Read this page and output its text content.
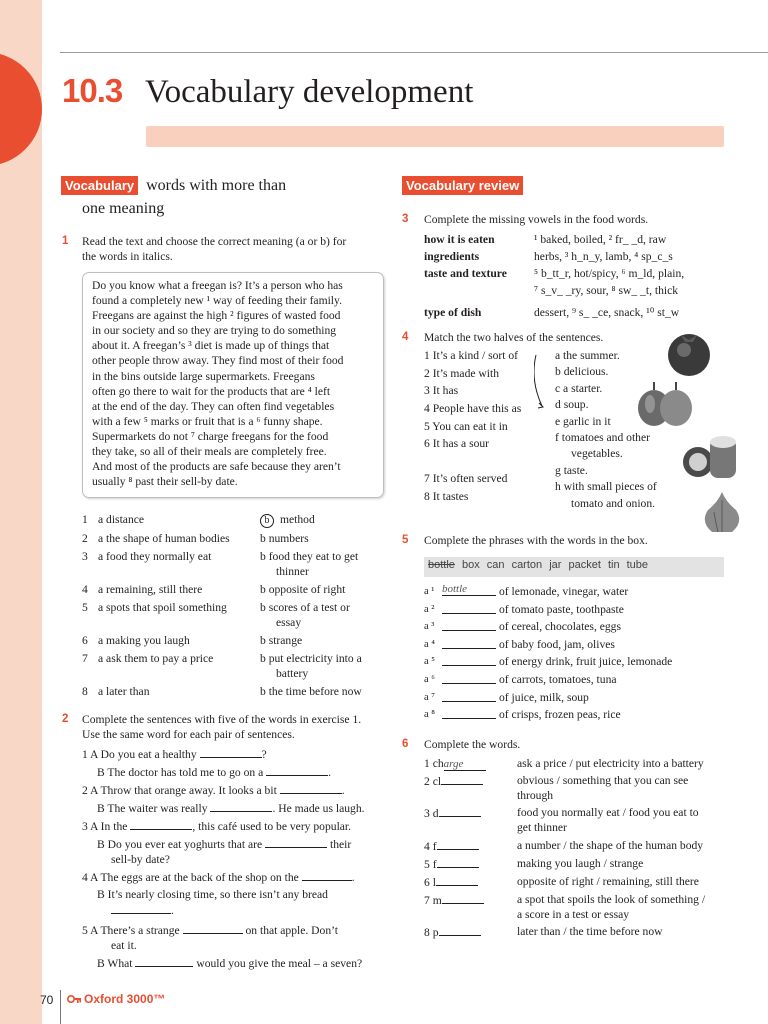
10.3 Vocabulary development
Vocabulary words with more than
one meaning
1 Read the text and choose the correct meaning (a or b) for
the words in italics.
Do you know what a freegan is? It’s a person who has
found a completely new ¹ way of feeding their family.
Freegans are against the high ² figures of wasted food
in our society and so they are trying to do something
about it. A freegan’s ³ diet is made up of things that
other people throw away. They find most of their food
in the bins outside large supermarkets. Freegans
often go there to wait for the products that are ⁴ left
at the end of the day. They can often find vegetables
with a few ⁵ marks or fruit that is a ⁶ funny shape.
Supermarkets do not ⁷ charge freegans for the food
they take, so all of their meals are completely free.
And most of the products are safe because they aren’t
usually ⁸ past their sell-by date.
1 a distance	b method
2 a the shape of human bodies	b numbers
3 a food they normally eat	b food they eat to get
thinner
4 a remaining, still there	b opposite of right
5 a spots that spoil something	b scores of a test or
essay
6 a making you laugh	b strange
7 a ask them to pay a price	b put electricity into a
battery
8 a later than	b the time before now
2 Complete the sentences with five of the words in exercise 1.
Use the same word for each pair of sentences.
1 A Do you eat a healthy	?
B The doctor has told me to go on a	.
2 A Throw that orange away. It looks a bit	.
B The waiter was really	. He made us laugh.
3 A In the	, this café used to be very popular.
B Do you ever eat yoghurts that are	their
sell-by date?
4 A The eggs are at the back of the shop on the	.
B It’s nearly closing time, so there isn’t any bread
.
5 A There’s a strange	on that apple. Don’t
eat it.
B What	would you give the meal – a seven?
Vocabulary review
3 Complete the missing vowels in the food words.
how it is eaten	¹ baked, boiled, ² fr_ _d, raw
ingredients	herbs, ³ h_n_y, lamb, ⁴ sp_c_s
taste and texture	⁵ b_tt_r, hot/spicy, ⁶ m_ld, plain,
⁷ s_v_ _ry, sour, ⁸ sw_ _t, thick
type of dish	dessert, ⁹ s_ _ce, snack, ¹⁰ st_w
4 Match the two halves of the sentences.
1 It’s a kind / sort of
2 It’s made with
3 It has
4 People have this as
5 You can eat it in
6 It has a sour
7 It’s often served
8 It tastes
a the summer.
b delicious.
c a starter.
d soup.
e garlic in it
f tomatoes and other
vegetables.
g taste.
h with small pieces of
tomato and onion.
5 Complete the phrases with the words in the box.
bottle box can carton jar packet tin tube
a ¹ bottle	of lemonade, vinegar, water
a ²	of tomato paste, toothpaste
a ³	of cereal, chocolates, eggs
a ⁴	of baby food, jam, olives
a ⁵	of energy drink, fruit juice, lemonade
a ⁶	of carrots, tomatoes, tuna
a ⁷	of juice, milk, soup
a ⁸	of crisps, frozen peas, rice
6 Complete the words.
1 charge	ask a price / put electricity into a battery
2 cl	obvious / something that you can see
through
3 d	food you normally eat / food you eat to
get thinner
4 f	a number / the shape of the human body
5 f	making you laugh / strange
6 l	opposite of right / remaining, still there
7 m	a spot that spoils the look of something /
a score in a test or essay
8 p	later than / the time before now
70	Oxford 3000™
